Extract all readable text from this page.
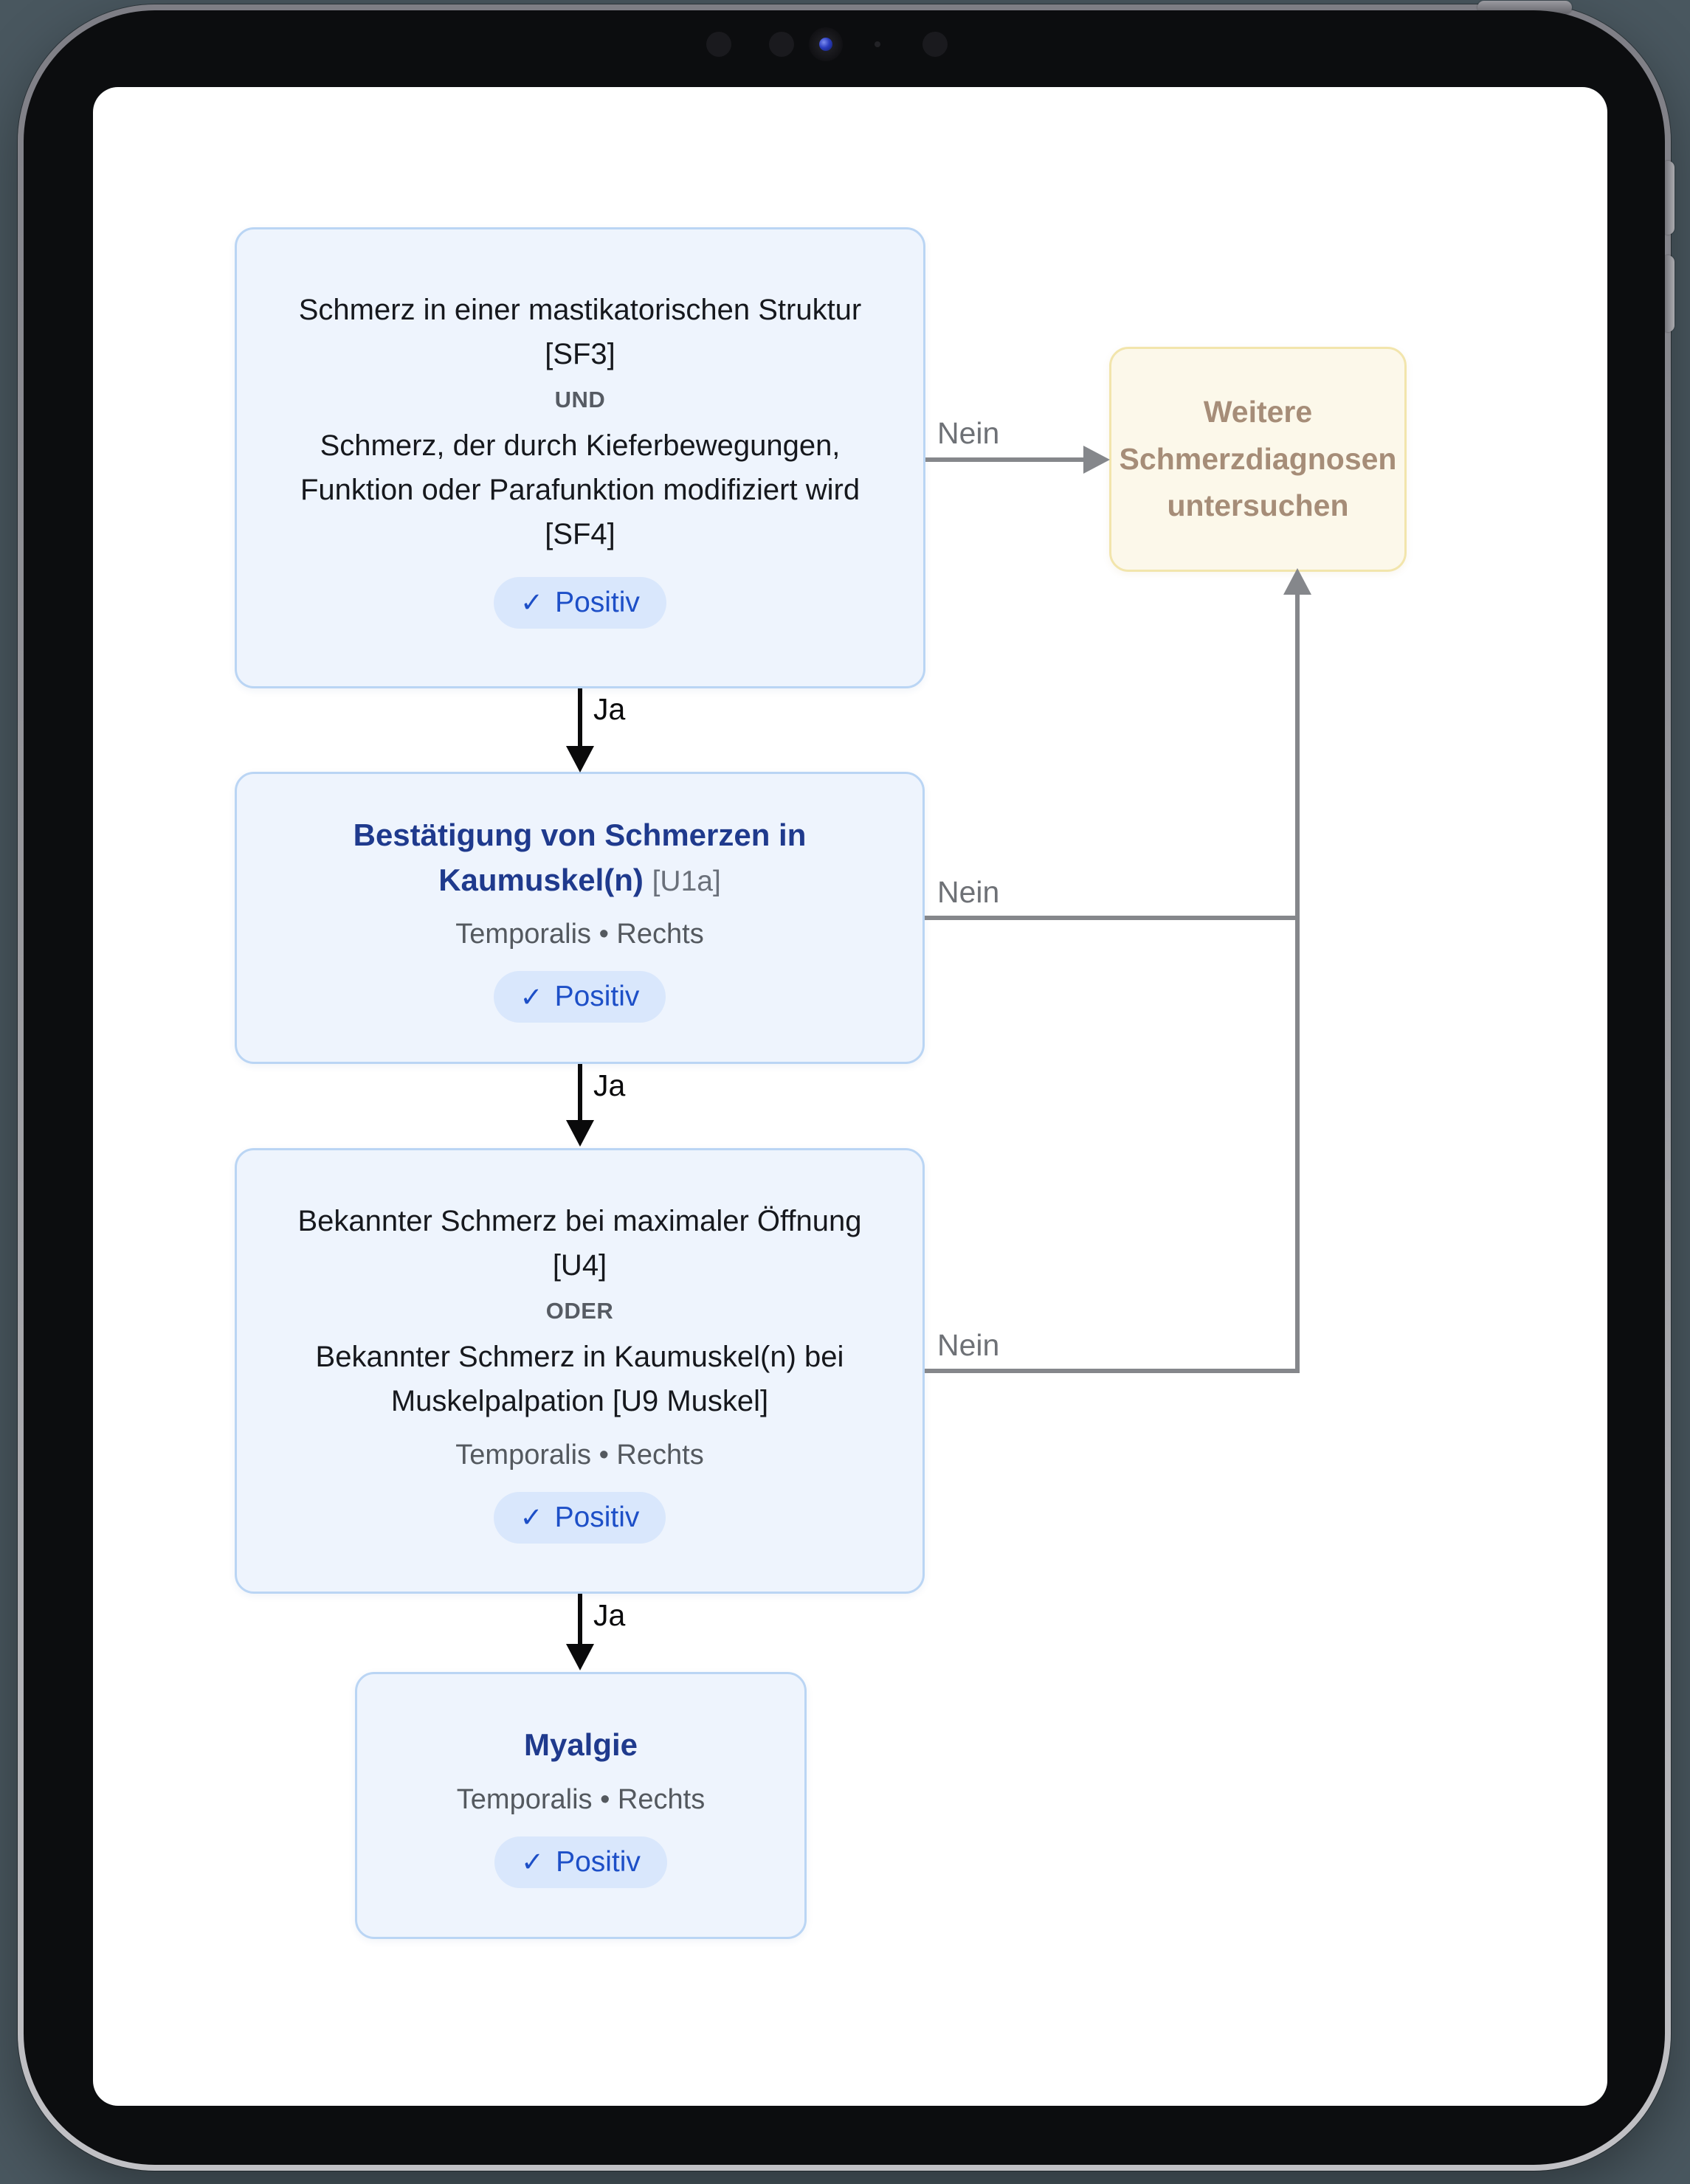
Schmerz in einer mastikatorischen Struktur [SF3]
UND
Schmerz, der durch Kieferbewegungen, Funktion oder Parafunktion modifiziert wird [SF4]
✓ Positiv
Weitere Schmerzdiagnosen untersuchen
Bestätigung von Schmerzen in Kaumuskel(n) [U1a]
Temporalis • Rechts
✓ Positiv
Bekannter Schmerz bei maximaler Öffnung [U4]
ODER
Bekannter Schmerz in Kaumuskel(n) bei Muskelpalpation [U9 Muskel]
Temporalis • Rechts
✓ Positiv
Myalgie
Temporalis • Rechts
✓ Positiv
Ja
Ja
Ja
Nein
Nein
Nein
